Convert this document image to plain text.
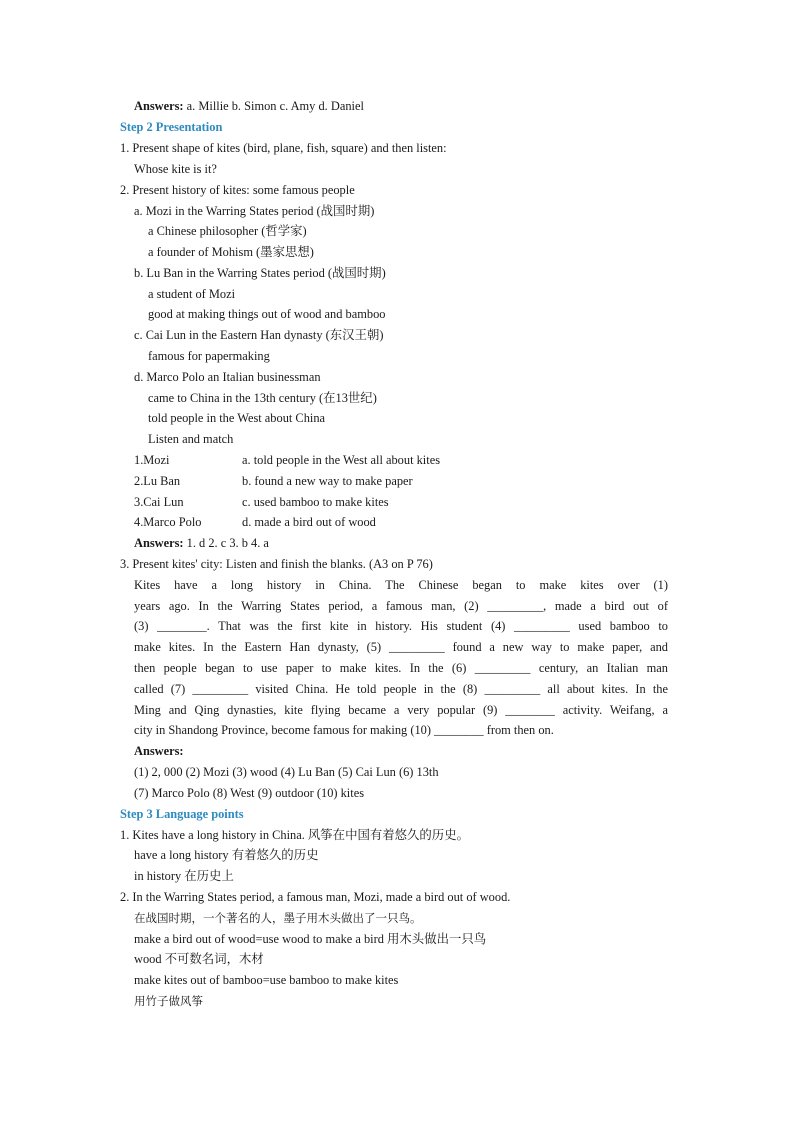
Answers: a. Millie b. Simon c. Amy d. Daniel
Step 2 Presentation
1. Present shape of kites (bird, plane, fish, square) and then listen:
Whose kite is it?
2. Present history of kites: some famous people
a. Mozi in the Warring States period (战国时期)
a Chinese philosopher (哲学家)
a founder of Mohism (墨家思想)
b. Lu Ban in the Warring States period (战国时期)
a student of Mozi
good at making things out of wood and bamboo
c. Cai Lun in the Eastern Han dynasty (东汉王朝)
famous for papermaking
d. Marco Polo an Italian businessman
came to China in the 13th century (在13世纪)
told people in the West about China
Listen and match
1.Mozi	a. told people in the West all about kites
2.Lu Ban	b. found a new way to make paper
3.Cai Lun	c. used bamboo to make kites
4.Marco Polo	d. made a bird out of wood
Answers: 1. d 2. c 3. b 4. a
3. Present kites' city: Listen and finish the blanks. (A3 on P 76)
Kites have a long history in China. The Chinese began to make kites over (1)
years ago. In the Warring States period, a famous man, (2) _________, made a bird out of
(3) ________. That was the first kite in history. His student (4) _________ used bamboo to
make kites. In the Eastern Han dynasty, (5) _________ found a new way to make paper, and
then people began to use paper to make kites. In the (6) _________ century, an Italian man
called (7) _________ visited China. He told people in the (8) _________ all about kites. In the
Ming and Qing dynasties, kite flying became a very popular (9) ________ activity. Weifang, a
city in Shandong Province, become famous for making (10) ________ from then on.
Answers:
(1) 2, 000 (2) Mozi (3) wood (4) Lu Ban (5) Cai Lun (6) 13th
(7) Marco Polo (8) West (9) outdoor (10) kites
Step 3 Language points
1. Kites have a long history in China. 风筝在中国有着悠久的历史。
have a long history 有着悠久的历史
in history 在历史上
2. In the Warring States period, a famous man, Mozi, made a bird out of wood.
在战国时期，一个著名的人，墨子用木头做出了一只鸟。
make a bird out of wood=use wood to make a bird 用木头做出一只鸟
wood 不可数名词，木材
make kites out of bamboo=use bamboo to make kites
用竹子做风筝
